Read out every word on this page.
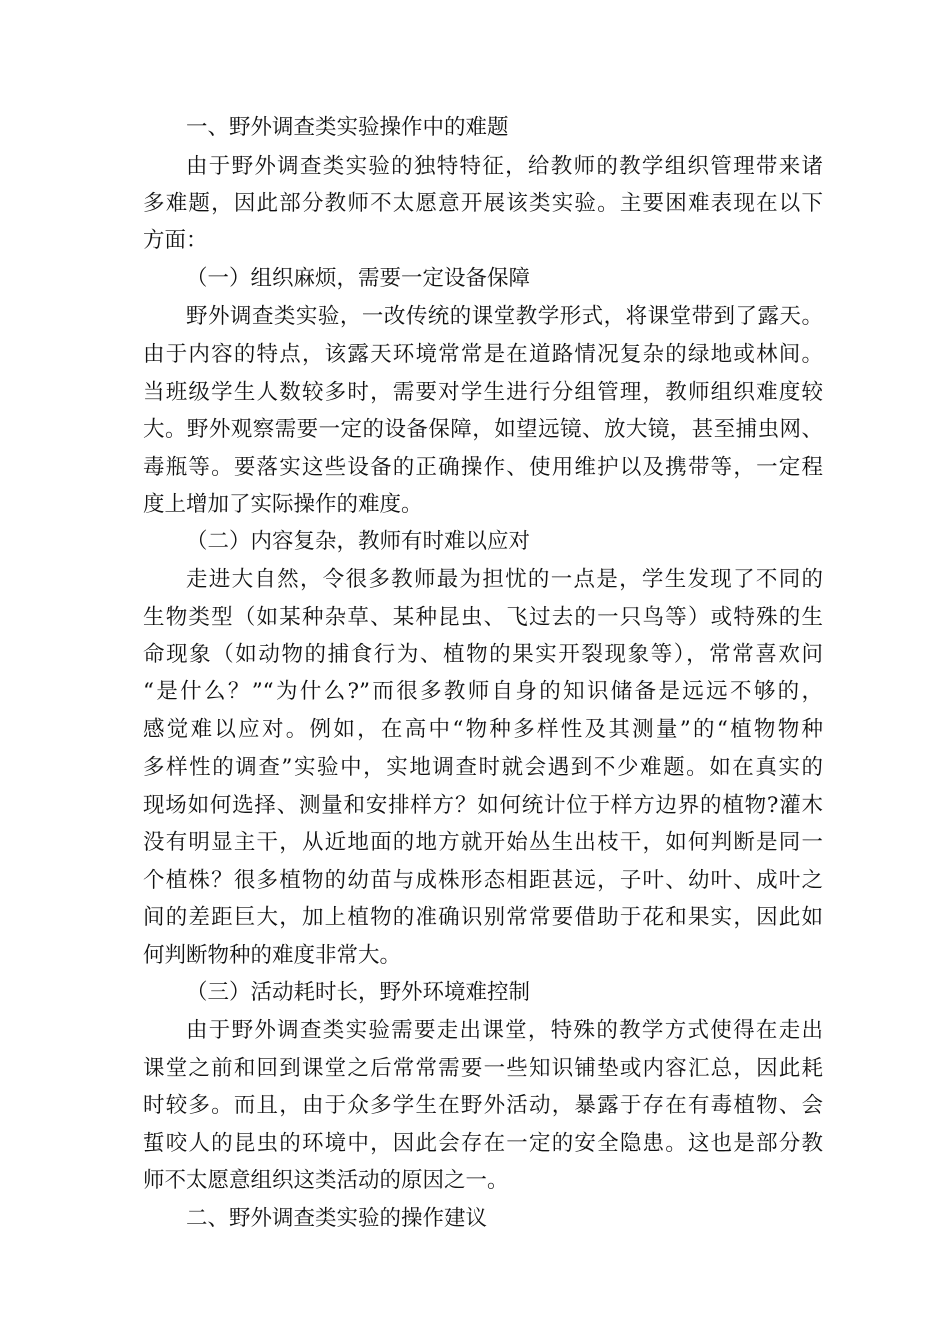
一、野外调查类实验操作中的难题
由于野外调查类实验的独特特征，给教师的教学组织管理带来诸
多难题，因此部分教师不太愿意开展该类实验。主要困难表现在以下
方面：
（一）组织麻烦，需要一定设备保障
野外调查类实验，一改传统的课堂教学形式，将课堂带到了露天。
由于内容的特点，该露天环境常常是在道路情况复杂的绿地或林间。
当班级学生人数较多时，需要对学生进行分组管理，教师组织难度较
大。野外观察需要一定的设备保障，如望远镜、放大镜，甚至捕虫网、
毒瓶等。要落实这些设备的正确操作、使用维护以及携带等，一定程
度上增加了实际操作的难度。
（二）内容复杂，教师有时难以应对
走进大自然，令很多教师最为担忧的一点是，学生发现了不同的
生物类型（如某种杂草、某种昆虫、飞过去的一只鸟等）或特殊的生
命现象（如动物的捕食行为、植物的果实开裂现象等），常常喜欢问
“是什么？”“为什么?”而很多教师自身的知识储备是远远不够的，
感觉难以应对。例如，在高中“物种多样性及其测量”的“植物物种
多样性的调查”实验中，实地调查时就会遇到不少难题。如在真实的
现场如何选择、测量和安排样方？如何统计位于样方边界的植物?灌木
没有明显主干，从近地面的地方就开始丛生出枝干，如何判断是同一
个植株？很多植物的幼苗与成株形态相距甚远，子叶、幼叶、成叶之
间的差距巨大，加上植物的准确识别常常要借助于花和果实，因此如
何判断物种的难度非常大。
（三）活动耗时长，野外环境难控制
由于野外调查类实验需要走出课堂，特殊的教学方式使得在走出
课堂之前和回到课堂之后常常需要一些知识铺垫或内容汇总，因此耗
时较多。而且，由于众多学生在野外活动，暴露于存在有毒植物、会
蜇咬人的昆虫的环境中，因此会存在一定的安全隐患。这也是部分教
师不太愿意组织这类活动的原因之一。
二、野外调查类实验的操作建议
